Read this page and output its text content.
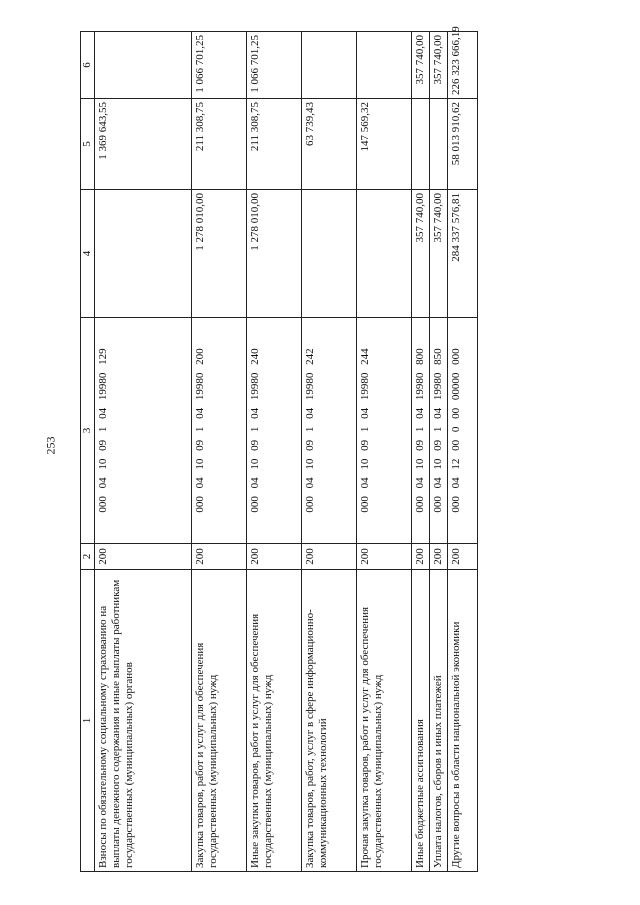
253
1	2	3	4	5	6
Взносы по обязательному социальному страхованию на выплаты денежного содержания и иные выплаты работникам государственных (муниципальных) органов	200	000 04 10 09 1 04 19980 129		1 369 643,55	
Закупка товаров, работ и услуг для обеспечения государственных (муниципальных) нужд	200	000 04 10 09 1 04 19980 200	1 278 010,00	211 308,75	1 066 701,25
Иные закупки товаров, работ и услуг для обеспечения государственных (муниципальных) нужд	200	000 04 10 09 1 04 19980 240	1 278 010,00	211 308,75	1 066 701,25
Закупка товаров, работ, услуг в сфере информационно-коммуникационных технологий	200	000 04 10 09 1 04 19980 242		63 739,43	
Прочая закупка товаров, работ и услуг для обеспечения государственных (муниципальных) нужд	200	000 04 10 09 1 04 19980 244		147 569,32	
Иные бюджетные ассигнования	200	000 04 10 09 1 04 19980 800	357 740,00		357 740,00
Уплата налогов, сборов и иных платежей	200	000 04 10 09 1 04 19980 850	357 740,00		357 740,00
Другие вопросы в области национальной экономики	200	000 04 12 00 0 00 00000 000	284 337 576,81	58 013 910,62	226 323 666,19
